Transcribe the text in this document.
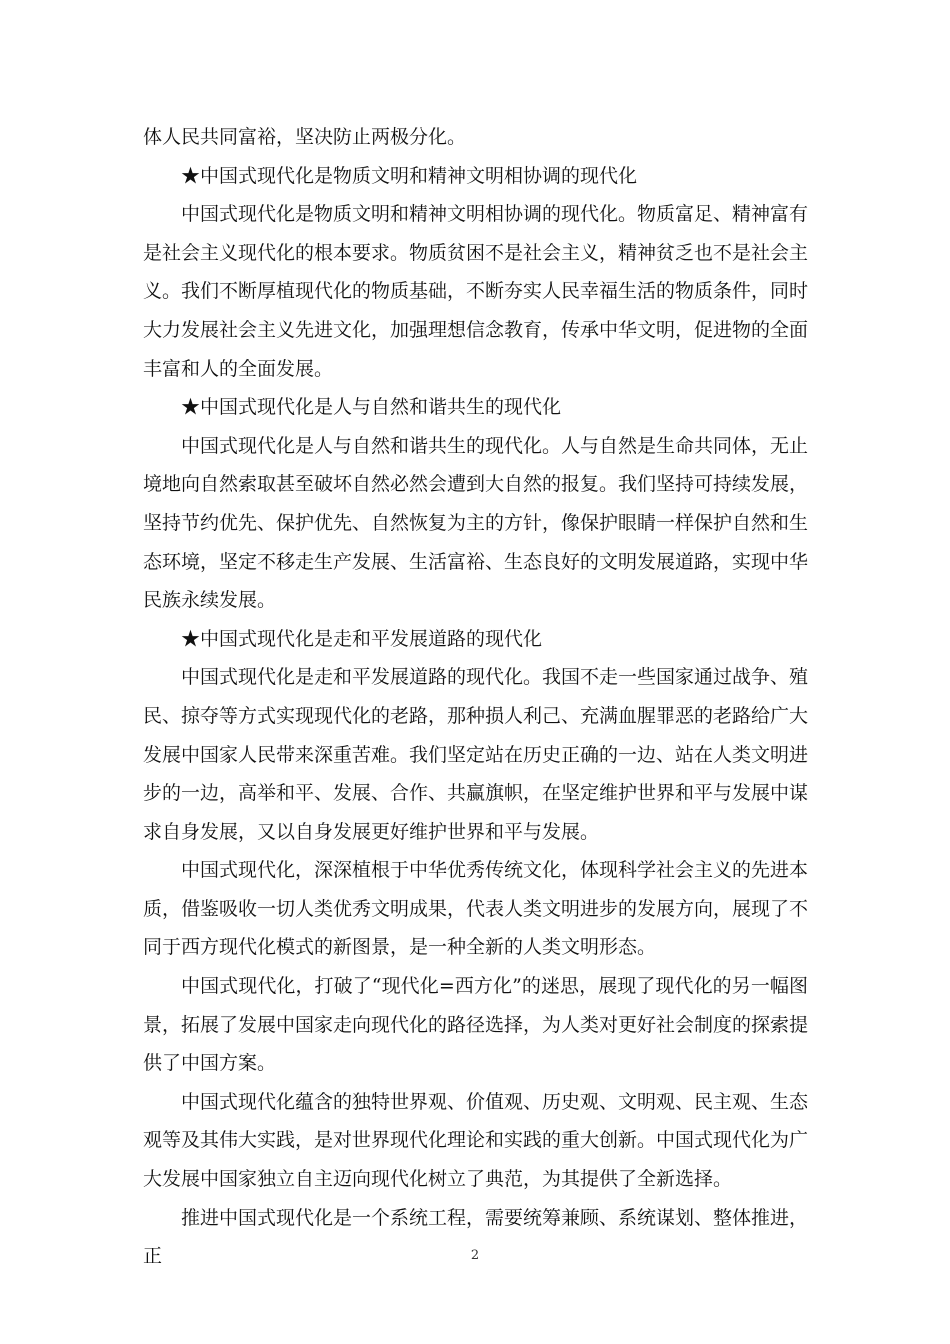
体人民共同富裕，坚决防止两极分化。

★中国式现代化是物质文明和精神文明相协调的现代化

中国式现代化是物质文明和精神文明相协调的现代化。物质富足、精神富有是社会主义现代化的根本要求。物质贫困不是社会主义，精神贫乏也不是社会主义。我们不断厚植现代化的物质基础，不断夯实人民幸福生活的物质条件，同时大力发展社会主义先进文化，加强理想信念教育，传承中华文明，促进物的全面丰富和人的全面发展。

★中国式现代化是人与自然和谐共生的现代化

中国式现代化是人与自然和谐共生的现代化。人与自然是生命共同体，无止境地向自然索取甚至破坏自然必然会遭到大自然的报复。我们坚持可持续发展，坚持节约优先、保护优先、自然恢复为主的方针，像保护眼睛一样保护自然和生态环境，坚定不移走生产发展、生活富裕、生态良好的文明发展道路，实现中华民族永续发展。

★中国式现代化是走和平发展道路的现代化

中国式现代化是走和平发展道路的现代化。我国不走一些国家通过战争、殖民、掠夺等方式实现现代化的老路，那种损人利己、充满血腥罪恶的老路给广大发展中国家人民带来深重苦难。我们坚定站在历史正确的一边、站在人类文明进步的一边，高举和平、发展、合作、共赢旗帜，在坚定维护世界和平与发展中谋求自身发展，又以自身发展更好维护世界和平与发展。

中国式现代化，深深植根于中华优秀传统文化，体现科学社会主义的先进本质，借鉴吸收一切人类优秀文明成果，代表人类文明进步的发展方向，展现了不同于西方现代化模式的新图景，是一种全新的人类文明形态。

中国式现代化，打破了“现代化=西方化”的迷思，展现了现代化的另一幅图景，拓展了发展中国家走向现代化的路径选择，为人类对更好社会制度的探索提供了中国方案。

中国式现代化蕴含的独特世界观、价值观、历史观、文明观、民主观、生态观等及其伟大实践，是对世界现代化理论和实践的重大创新。中国式现代化为广大发展中国家独立自主迈向现代化树立了典范，为其提供了全新选择。

推进中国式现代化是一个系统工程，需要统筹兼顾、系统谋划、整体推进，正	2
